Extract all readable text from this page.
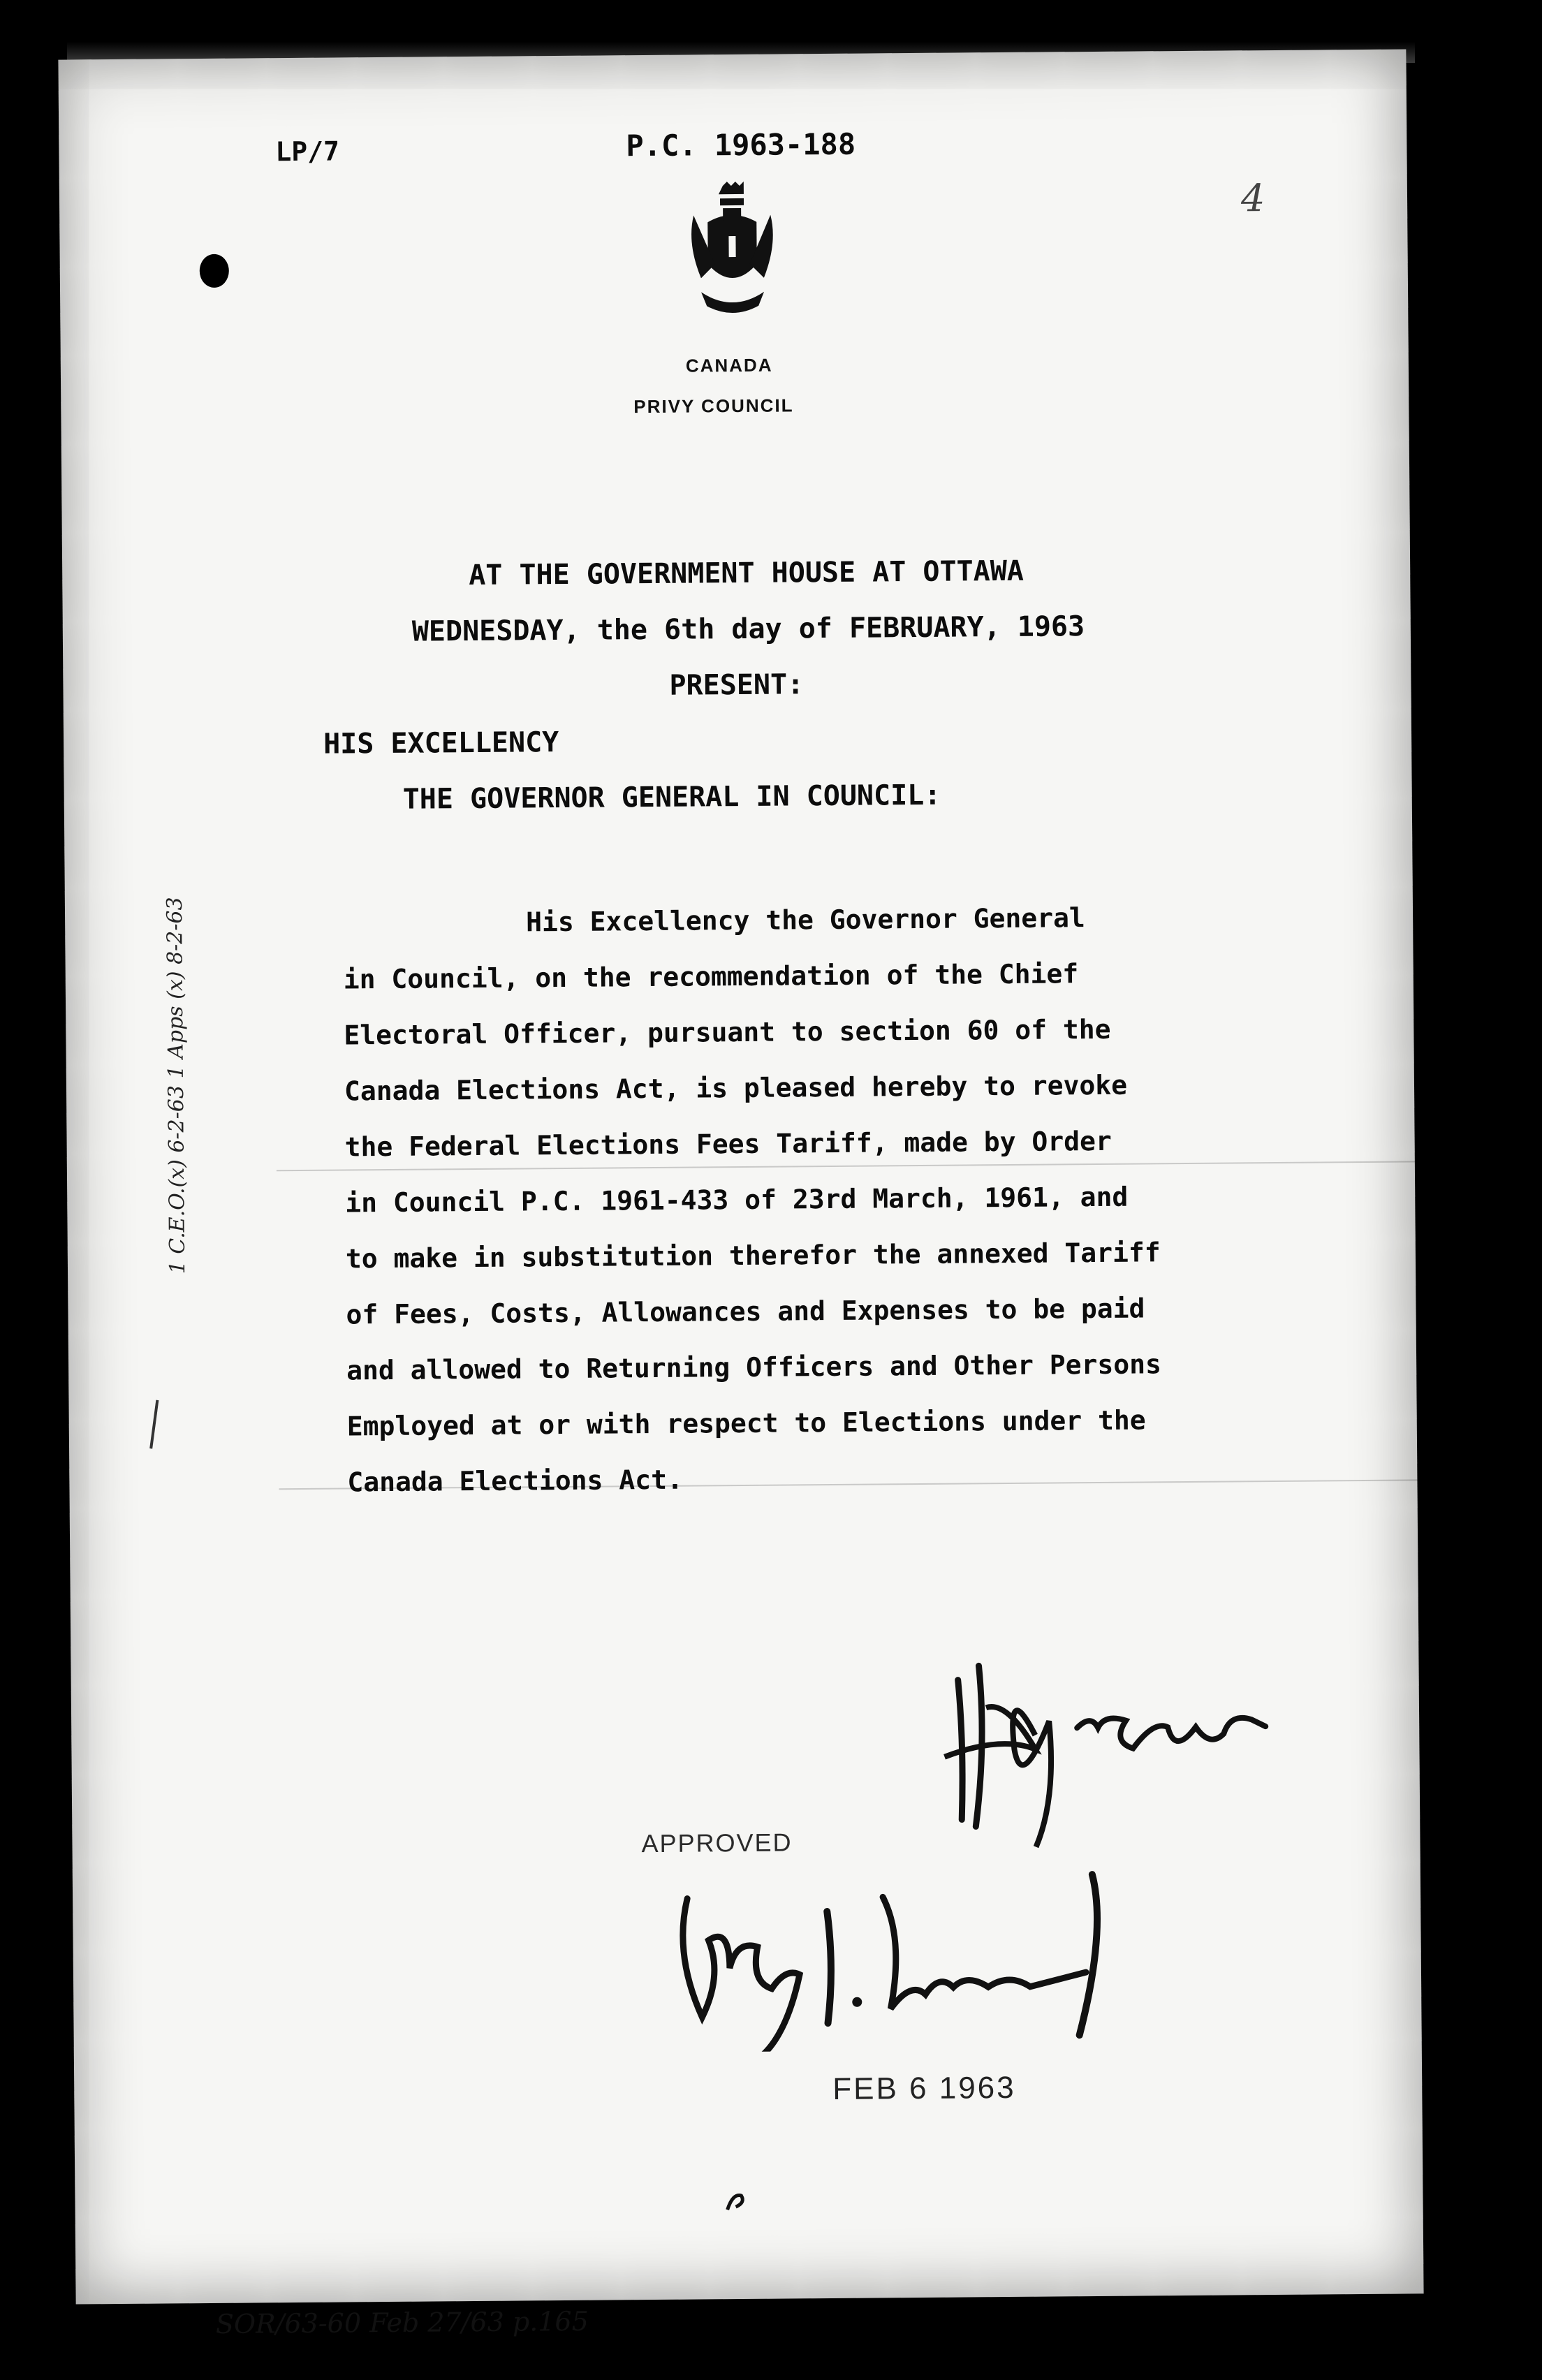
LP/7	P.C. 1963-188
4
CANADA
PRIVY COUNCIL
AT THE GOVERNMENT HOUSE AT OTTAWA
WEDNESDAY, the 6th day of FEBRUARY, 1963
PRESENT:
HIS EXCELLENCY
THE GOVERNOR GENERAL IN COUNCIL:
His Excellency the Governor General
in Council, on the recommendation of the Chief
Electoral Officer, pursuant to section 60 of the
Canada Elections Act, is pleased hereby to revoke
the Federal Elections Fees Tariff, made by Order
in Council P.C. 1961-433 of 23rd March, 1961, and
to make in substitution therefor the annexed Tariff
of Fees, Costs, Allowances and Expenses to be paid
and allowed to Returning Officers and Other Persons
Employed at or with respect to Elections under the
Canada Elections Act.
1 C.E.O.(x) 6-2-63 1 Apps (x) 8-2-63
APPROVED
FEB 6 1963
SOR/63-60 Feb 27/63 p.165
